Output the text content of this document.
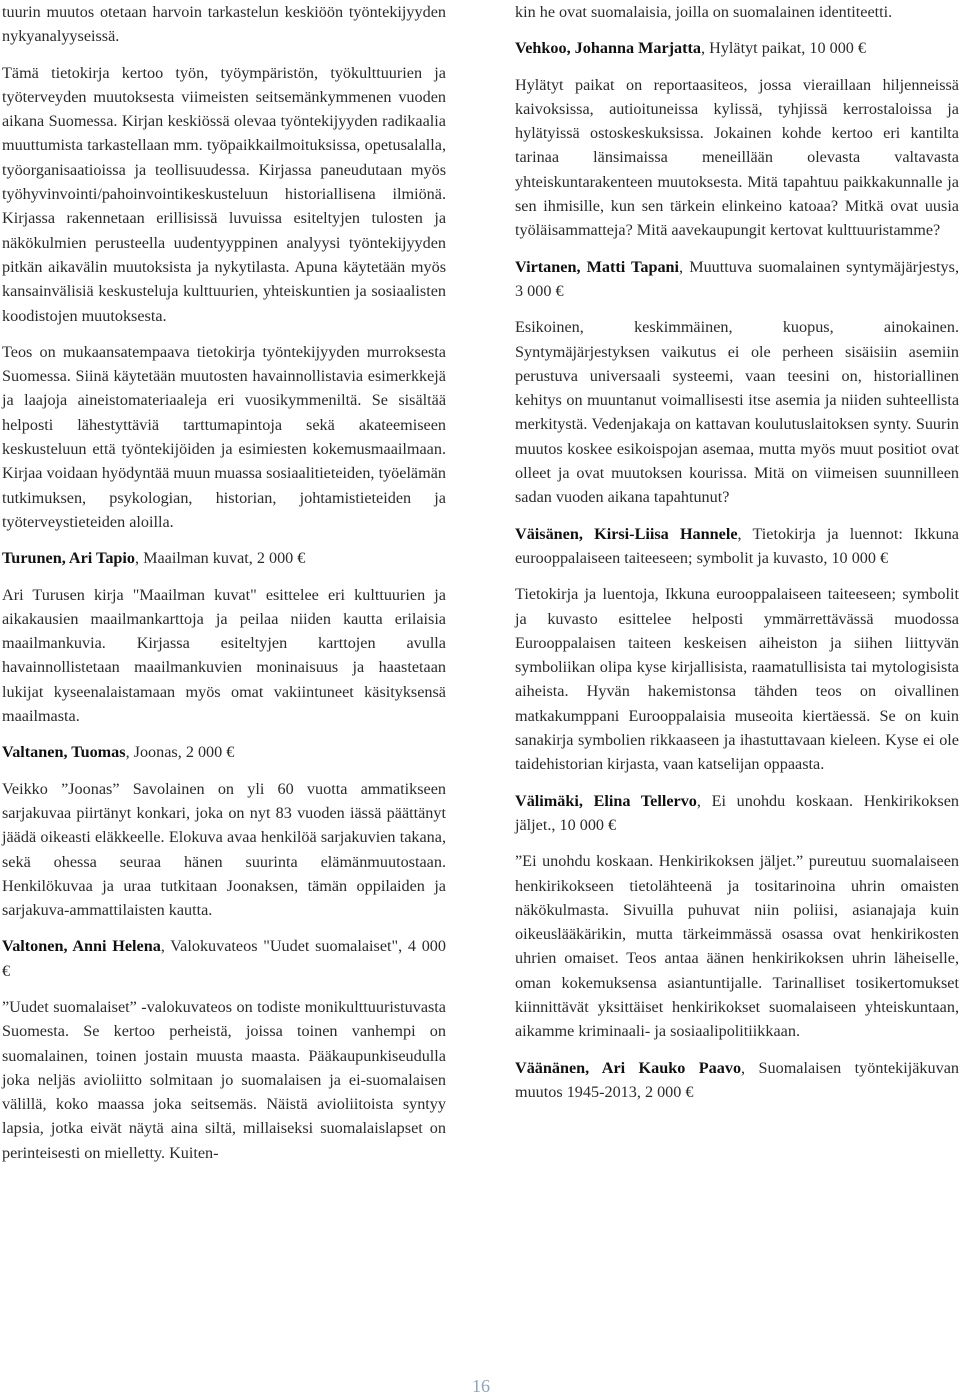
tuurin muutos otetaan harvoin tarkastelun keskiöön työntekijyyden nykyanalyyseissä.

Tämä tietokirja kertoo työn, työympäristön, työkulttuurien ja työterveyden muutoksesta viimeisten seitsemänkymmenen vuoden aikana Suomessa. Kirjan keskiössä olevaa työntekijyyden radikaalia muuttumista tarkastellaan mm. työpaikkailmoituksissa, opetusalalla, työorganisaatioissa ja teollisuudessa. Kirjassa paneudutaan myös työhyvinvointi/pahoinvointikeskusteluun historiallisena ilmiönä. Kirjassa rakennetaan erillisissä luvuissa esiteltyjen tulosten ja näkökulmien perusteella uudentyyppinen analyysi työntekijyyden pitkän aikavälin muutoksista ja nykytilasta. Apuna käytetään myös kansainvälisiä keskusteluja kulttuurien, yhteiskuntien ja sosiaalisten koodistojen muutoksesta.

Teos on mukaansatempaava tietokirja työntekijyyden murroksesta Suomessa. Siinä käytetään muutosten havainnollistavia esimerkkejä ja laajoja aineistomateriaaleja eri vuosikymmeniltä. Se sisältää helposti lähestyttäviä tarttumapintoja sekä akateemiseen keskusteluun että työntekijöiden ja esimiesten kokemusmaailmaan. Kirjaa voidaan hyödyntää muun muassa sosiaalitieteiden, työelämän tutkimuksen, psykologian, historian, johtamistieteiden ja työterveystieteiden aloilla.

Turunen, Ari Tapio, Maailman kuvat, 2 000 €

Ari Turusen kirja "Maailman kuvat" esittelee eri kulttuurien ja aikakausien maailmankarttoja ja peilaa niiden kautta erilaisia maailmankuvia. Kirjassa esiteltyjen karttojen avulla havainnollistetaan maailmankuvien moninaisuus ja haastetaan lukijat kyseenalaistamaan myös omat vakiintuneet käsityksensä maailmasta.

Valtanen, Tuomas, Joonas, 2 000 €

Veikko ”Joonas” Savolainen on yli 60 vuotta ammatikseen sarjakuvaa piirtänyt konkari, joka on nyt 83 vuoden iässä päättänyt jäädä oikeasti eläkkeelle. Elokuva avaa henkilöä sarjakuvien takana, sekä ohessa seuraa hänen suurinta elämänmuutostaan. Henkilökuvaa ja uraa tutkitaan Joonaksen, tämän oppilaiden ja sarjakuva-ammattilaisten kautta.

Valtonen, Anni Helena, Valokuvateos "Uudet suomalaiset", 4 000 €

”Uudet suomalaiset” -valokuvateos on todiste monikulttuuristuvasta Suomesta. Se kertoo perheistä, joissa toinen vanhempi on suomalainen, toinen jostain muusta maasta. Pääkaupunkiseudulla joka neljäs avioliitto solmitaan jo suomalaisen ja ei-suomalaisen välillä, koko maassa joka seitsemäs. Näistä avioliitoista syntyy lapsia, jotka eivät näytä aina siltä, millaiseksi suomalaislapset on perinteisesti on mielletty. Kuiten-

kin he ovat suomalaisia, joilla on suomalainen identiteetti.

Vehkoo, Johanna Marjatta, Hylätyt paikat, 10 000 €

Hylätyt paikat on reportaasiteos, jossa vieraillaan hiljenneissä kaivoksissa, autioituneissa kylissä, tyhjissä kerrostaloissa ja hylätyissä ostoskeskuksissa. Jokainen kohde kertoo eri kantilta tarinaa länsimaissa meneillään olevasta valtavasta yhteiskuntarakenteen muutoksesta. Mitä tapahtuu paikkakunnalle ja sen ihmisille, kun sen tärkein elinkeino katoaa? Mitkä ovat uusia työläisammatteja? Mitä aavekaupungit kertovat kulttuuristamme?

Virtanen, Matti Tapani, Muuttuva suomalainen syntymäjärjestys, 3 000 €

Esikoinen, keskimmäinen, kuopus, ainokainen. Syntymäjärjestyksen vaikutus ei ole perheen sisäisiin asemiin perustuva universaali systeemi, vaan teesini on, historiallinen kehitys on muuntanut voimallisesti itse asemia ja niiden suhteellista merkitystä. Vedenjakaja on kattavan koulutuslaitoksen synty. Suurin muutos koskee esikoispojan asemaa, mutta myös muut positiot ovat olleet ja ovat muutoksen kourissa. Mitä on viimeisen suunnilleen sadan vuoden aikana tapahtunut?

Väisänen, Kirsi-Liisa Hannele, Tietokirja ja luennot: Ikkuna eurooppalaiseen taiteeseen; symbolit ja kuvasto, 10 000 €

Tietokirja ja luentoja, Ikkuna eurooppalaiseen taiteeseen; symbolit ja kuvasto esittelee helposti ymmärrettävässä muodossa Eurooppalaisen taiteen keskeisen aiheiston ja siihen liittyvän symboliikan olipa kyse kirjallisista, raamatullisista tai mytologisista aiheista. Hyvän hakemistonsa tähden teos on oivallinen matkakumppani Eurooppalaisia museoita kiertäessä. Se on kuin sanakirja symbolien rikkaaseen ja ihastuttavaan kieleen. Kyse ei ole taidehistorian kirjasta, vaan katselijan oppaasta.

Välimäki, Elina Tellervo, Ei unohdu koskaan. Henkirikoksen jäljet., 10 000 €

”Ei unohdu koskaan. Henkirikoksen jäljet.” pureutuu suomalaiseen henkirikokseen tietolähteenä ja tositarinoina uhrin omaisten näkökulmasta. Sivuilla puhuvat niin poliisi, asianajaja kuin oikeuslääkärikin, mutta tärkeimmässä osassa ovat henkirikosten uhrien omaiset. Teos antaa äänen henkirikoksen uhrin läheiselle, oman kokemuksensa asiantuntijalle. Tarinalliset tosikertomukset kiinnittävät yksittäiset henkirikokset suomalaiseen yhteiskuntaan, aikamme kriminaali- ja sosiaalipolitiikkaan.

Väänänen, Ari Kauko Paavo, Suomalaisen työntekijäkuvan muutos 1945-2013, 2 000 €

16
